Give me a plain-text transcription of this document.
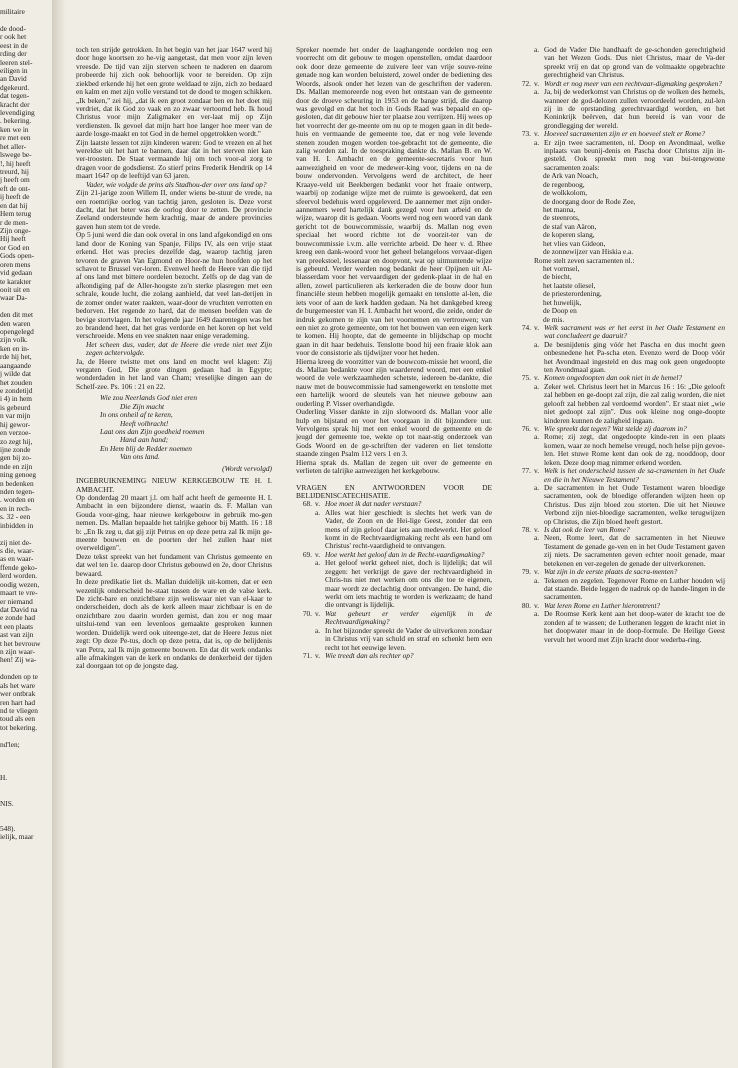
militaire

de dood-

r ook het

eest in de

rding der

leeren stel-

eiligen in

an David

dgekeurd.

dat tegen-

kracht der

levendiging

. bekering.

ken we in

re met een

het aller-

lswege be-

!, hij heeft

treurd, hij

j heeft om

eft de ont-

ij heeft de

en dat hij

Hem terug

r de men-

Zijn onge-

Hij heeft

or God en

Gods open-

oren mens

vid gedaan

te karakter

ooit uit en

waar Da-

den dit met

den waren

opengelegd

zijn volk.

ken en in-

rde hij het,

aangaande

j wilde dat

het zouden

e zondetijd

i 4) in hem

is gebeurd

n var mijn

hij gewor-

en verzoe-

zo zegt hij,

ijne zonde

gen bij zo-

nde en zijn

ning genoeg

n bedenken

nden tegen-

. worden en

en in rech-

s. 32 - een

inbidden in

zij niet de-

s die, waar-

as en waar-

ffende geko-

lerd worden.

oodig wezen,

maart te vre-

er niemand

dat David na

e zonde had

t een plaats

ast van zijn

t het bevrouw

n zijn waar-

hen! Zij wa-

donden op te

als het ware

wer ontbrak

ren hart had

nd te vliegen

toud als een

tot bekering.

nd'len;

H.

NIS.

548).

ielijk, maar

toch ten strijde getrokken. In het begin van het jaar 1647 werd hij door hoge koortsen zo he-vig aangetast, dat men voor zijn leven vreesde. De tijd van zijn sterven scheen te naderen en daarom probeerde hij zich ook behoorlijk voor te bereiden. Op zijn ziekbed erkende hij het een grote weldaad te zijn, zich zo bedaard en kalm en met zijn volle verstand tot de dood te mogen schikken. „Ik beken," zei hij, „dat ik een groot zondaar ben en het doet mij verdriet, dat ik God zo vaak en zo zwaar vertoornd heb. Ik houd Christus voor mijn Zaligmaker en ver-laat mij op Zijn verdiensten. Ik gevoel dat mijn hart hoe langer hoe meer van de aarde losge-maakt en tot God in de hemel opgetrokken wordt."

Zijn laatste lessen tot zijn kinderen waren: God te vrezen en al het wereldse uit het hart te bannen, daar dat in het sterven niet kan ver-troosten. De Staat vermaande hij om toch voor-al zorg te dragen voor de godsdienst. Zo stierf prins Frederik Hendrik op 14 maart 1647 op de leeftijd van 63 jaren.

Vader, wie volgde de prins als Stadhou-der over ons land op?

Zijn 21-jarige zoon Willem II, onder wiens be-stuur de vrede, na een roemrijke oorlog van tachtig jaren, gesloten is. Deze vorst dacht, dat het beter was de oorlog door te zetten. De provincie Zeeland ondersteunde hem krachtig, maar de andere provincies gaven hun stem tot de vrede.

Op 5 juni werd die dan ook overal in ons land afgekondigd en ons land door de Koning van Spanje, Filips IV, als een vrije staat erkend. Het was precies dezelfde dag, waarop tachtig jaren tevoren de graven Van Egmond en Hoor-ne hun hoofden op het schavot te Brussel ver-loren. Evenwel heeft de Heere van die tijd af ons land met bittere oordelen bezocht. Zelfs op de dag van de afkondiging paf de Aller-hoogste zo'n sterke plasregen met een schrale, koude lucht, die zolang aanhield, dat veel lan-derijen in de zomer onder water raakten, waar-door de vruchten verrotten en bedorven. Het regende zo hard, dat de mensen beefden van de bevige stortvlagen. In het volgende jaar 1649 daarentegen was het zo brandend heet, dat het gras verdorde en het koren op het veld verschroeide. Mens en vee snakten naar enige verademing.

Het scheen dus, vader, dat de Heere die vrede niet met Zijn zegen achtervolgde.

Ja, de Heere twistte met ons land en mocht wel klagen: Zij vergaten God, Die grote dingen gedaan had in Egypte; wonderdaden in het land van Cham; vreselijke dingen aan de Schelf-zee. Ps. 106 : 21 en 22.

Wie zou Neerlands God niet eren

Die Zijn macht

In ons onheil af te keren,

Heeft volbracht!

Laat ons dan Zijn goedheid roemen

Hand aan hand;

En Hem blij de Redder noemen

Van ons land.

(Wordt vervolgd)

INGEBRUIKNEMING NIEUW KERKGEBOUW TE H. I. AMBACHT.

Op donderdag 20 maart j.l. om half acht heeft de gemeente H. I. Ambacht in een bijzondere dienst, waarin ds. F. Mallan van Gouda voor-ging, haar nieuwe kerkgebouw in gebruik mo-gen nemen. Ds. Mallan bepaalde het talrijke gehoor bij Matth. 16 : 18 b: „En Ik zeg u, dat gij zijt Petrus en op deze petra zal Ik mijn ge-meente bouwen en de poorten der hel zullen haar niet overweldigen".

Deze tekst spreekt van het fundament van Christus gemeente en dat wel ten 1e. daarop door Christus gebouwd en 2e, door Christus bewaard.

In deze predikatie liet ds. Mallan duidelijk uit-komen, dat er een wezenlijk onderscheid be-staat tussen de ware en de valse kerk. De zicht-bare en onzichtbare zijn weliswaar niet van el-kaar te onderscheiden, doch als de kerk alleen maar zichtbaar is en de onzichtbare zou daarin worden gemist, dan zou er nog maar uitslui-tend van een levenloos gemaakte gesproken kunnen worden. Duidelijk werd ook uiteenge-zet, dat de Heere Jezus niet zegt: Op deze Pe-tus, doch op deze petra, dat is, op de belijdenis van Petra, zal Ik mijn gemeente bouwen. En dat dit werk ondanks alle afmakingen van de kerk en ondanks de denkerheid der tijden zal doorgaan tot op de jongste dag.

Spreker noemde het onder de laaghangende oordelen nog een voorrecht om dit gebouw te mogen openstellen, omdat daardoor ook door deze gemeente de zuivere leer van vrije souve-reine genade nog kan worden beluisterd, zowel onder de bediening des Woords, alsook onder het lezen van de geschriften der vaderen. Ds. Mallan memoreerde nog even het ontstaan van de gemeente door de droeve scheuring in 1953 en de bange strijd, die daarop was gevolgd en dat het toch in Gods Raad was bepaald en op-gesloten, dat dit gebouw hier ter plaatse zou verrijzen. Hij wees op het voorrecht der ge-meente om nu op te mogen gaan in dit bede-huis en vermaande de gemeente toe, dat er nog vele levende stenen zouden mogen worden toe-gebracht tot de gemeente, die zalig worden zal. In de toespraking dankte ds. Mallan B. en W. van H. I. Ambacht en de gemeente-secretaris voor hun aanwezigheid en voor de medewer-king voor, tijdens en na de bouw ondervonden. Vervolgens werd de architect, de heer Kraaye-veld uit Beekbergen bedankt voor het fraaie ontwerp, waarbij op zodanige wijze met de ruimte is gewoekerd, dat een sfeervol bedehuis werd opgeleverd. De aannemer met zijn onder-aannemers werd hartelijk dank gezegd voor hun arbeid en de wijze, waarop dit is gedaan. Voorts werd nog een woord van dank gericht tot de bouwcommissie, waarbij ds. Mallan nog even speciaal het woord richtte tot de voorzit-ter van de bouwcommissie i.v.m. alle verrichte arbeid. De heer v. d. Rhee kreeg een dank-woord voor het geheel belangeloos vervaar-digen van preekstoel, lessenaar en doopvont, wat op uitmuntende wijze is gebeurd. Verder werden nog bedankt de heer Opijnen uit Al-blasserdam voor het vervaardigen der gedenk-plaat in de hal en allen, zowel particulieren als kerkeraden die de bouw door hun financiële steun hebben mogelijk gemaakt en tenslotte al-len, die iets voor of aan de kerk hadden gedaan. Na het dankgebed kreeg de burgemeester van H. I. Ambacht het woord, die zeide, onder de indruk gekomen te zijn van het voornemen en vertrouwen; van een niet zo grote gemeente, om tot het bouwen van een eigen kerk te komen. Hij hoopte, dat de gemeente in blijdschap op mocht gaan in dit haar bedehuis. Tenslotte bood hij een fraaie klok aan voor de consistorie als tijdwijzer voor het heden.

Hierna kreeg de voorzitter van de bouwcom-missie het woord, die ds. Mallan bedankte voor zijn waarderend woord, met een enkel woord de vele werkzaamheden schetste, iedereen be-dankte, die nauw met de bouwcommissie had samengewerkt en tenslotte met een hartelijk woord de sleutels van het nieuwe gebouw aan ouderling P. Visser overhandigde.

Ouderling Visser dankte in zijn slotwoord ds. Mallan voor alle hulp en bijstand en voor het voorgaan in dit bijzondere uur. Vervolgens sprak hij met een enkel woord de gemeente en de jeugd der gemeente toe, wekte op tot naar-stig onderzoek van Gods Woord en de ge-schriften der vaderen en liet tenslotte staande zingen Psalm 112 vers 1 en 3.

Hierna sprak ds. Mallan de zegen uit over de gemeente en verlieten de talrijke aanwezigen het kerkgebouw.

VRAGEN EN ANTWOORDEN VOOR DE BELIJDENISCATECHISATIE.

68. v. Hoe moet ik dat nader verstaan?

a. Alles wat hier geschiedt is slechts het werk van de Vader, de Zoon en de Hei-lige Geest, zonder dat een mens of zijn geloof daar iets aan medewerkt. Het geloof komt in de Rechtvaardigmaking recht als een hand om Christus' recht-vaardigheid te ontvangen.
69. v. Hoe werkt het geloof dan in de Recht-vaardigmaking?

a. Het geloof werkt geheel niet, doch is lijdelijk; dat wil zeggen: het verkrijgt de gave der rechtvaardigheid in Chris-tus niet met werken om ons die toe te eigenen, maar wordt ze declachtig door ontvangen. De hand, die werkt om iets machtig te worden is werkzaam; de hand die ontvangt is lijdelijk.
70. v. Wat gebeurt er verder eigenlijk in de Rechtvaardigmaking?

a. In het bijzonder spreekt de Vader de uitverkoren zondaar in Christus vrij van schuld en straf en schenkt hem een recht tot het eeuwige leven.
71. v. Wie treedt dan als rechter op?

a. God de Vader Die handhaaft de ge-schonden gerechtigheid van het Wezen Gods. Dus niet Christus, maar de Va-der spreekt vrij en dat op grond van de volmaakte opgebrachte gerechtigheid van Christus.
72. v. Wordt er nog meer van een rechtvaar-digmaking gesproken?

a. Ja, bij de wederkomst van Christus op de wolken des hemels, wanneer de god-delozen zullen veroordeeld worden, zul-len zij in de oprstanding gerechtvaardigd worden, en het Koninkrijk beërven, dat hun bereid is van voor de grondlegging der wereld.
73. v. Hoeveel sacramenten zijn er en hoeveel stelt er Rome?

a. Er zijn twee sacramenten, nl. Doop en Avondmaal, welke inplaats van beunij-denis en Pascha door Christus zijn in-gesteld. Ook spreekt men nog van bui-tengewone sacramenten zoals:

de Ark van Noach,

de regenboog,

de wolkkolom,

de doorgang door de Rode Zee,

het manna,

de steenrots,

de staf van Aäron,

de koperen slang,

het vlies van Gideon,

de zonnewijzer van Hiskia e.a.

Rome stelt zeven sacramenten nl.:

het vormsel,

de biecht,

het laatste oliesel,

de priesterordening,

het huwelijk,

de Doop en

de mis.

74. v. Welk sacrament was er het eerst in het Oude Testament en wat concludeert ge daaruit?

a. De besnijdenis ging vóór het Pascha en dus mocht geen onbesnedene het Pa-scha eten. Evenzo werd de Doop vóór het Avondmaal ingesteld en dus mag ook geen ongedoopte ten Avondmaal gaan.
75. v. Komen ongedoopten dan ook niet in de hemel?

a. Zeker wel. Christus leert het in Marcus 16 : 16: „Die gelooft zal hebben en ge-doopt zal zijn, die zal zalig worden, die niet gelooft zal hebben zal verdoemd worden". Er staat niet „wie niet gedoopt zal zijn". Dus ook kleine nog onge-doopte kinderen kunnen de zaligheid ingaan.
76. v. Wie spreekt dat tegen? Wat stelde zij daarom in?

a. Rome; zij zegt, dat ongedoopte kinde-ren in een plaats komen, waar ze noch hemelse vreugd, noch helse pijn gevoe-len. Het stuwe Rome kent dan ook de zg. nooddoop, door leken. Deze doop mag nimmer erkend worden.
77. v. Welk is het onderscheid tussen de sa-cramenten in het Oude en die in het Nieuwe Testament?

a. De sacramenten in het Oude Testament waren bloedige sacramenten, ook de bloedige offeranden wijzen heen op Christus. Dus zijn bloed zou storten. Die uit het Nieuwe Verbond zijn niet-bloedige sacramenten, welke terugwijzen op Christus, die Zijn bloed heeft gestort.
78. v. Is dat ook de leer van Rome?

a. Neen, Rome leert, dat de sacramenten in het Nieuwe Testament de genade ge-ven en in het Oude Testament gaven zij niets. De sacramenten geven echter nooit genade, maar betekenen en ver-zegelen de genade der uitverkorenen.
79. v. Wat zijn in de eerste plaats de sacra-menten?

a. Tekenen en zegelen. Tegenover Rome en Luther houden wij dat staande. Beide leggen de nadruk op de hande-lingen in de sacramenten.
80. v. Wat leren Rome en Luther hieromtrent?

a. De Roomse Kerk kent aan het doop-water de kracht toe de zonden af te wassen; de Lutheranen leggen de kracht niet in het doopwater maar in de doop-formule. De Heilige Geest vervult het woord met Zijn kracht door wederba-ring.
